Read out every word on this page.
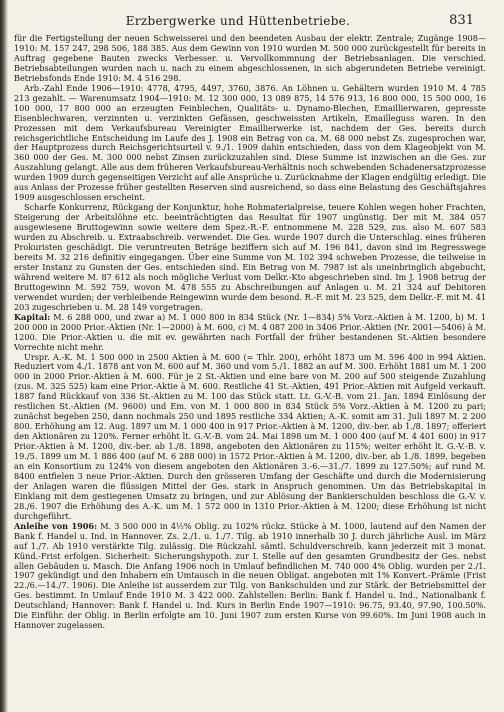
Erzbergwerke und Hüttenbetriebe.	831

für die Fertigstellung der neuen Schweisserei und den beendeten Ausbau der elektr. Zentrale; Zugänge 1908—1910: M. 157 247, 298 506, 188 385. Aus dem Gewinn von 1910 wurden M. 500 000 zurückgestellt für bereits in Auftrag gegebene Bauten zwecks Verbesser. u. Vervollkommnung der Betriebsanlagen. Die verschied. Betriebsabteilungen wurden nach u. nach zu einem abgeschlossenen, in sich abgerundeten Betriebe vereinigt. Betriebsfonds Ende 1910: M. 4 516 298.

Arb.-Zahl Ende 1906—1910: 4778, 4795, 4497, 3760, 3876. An Löhnen u. Gehältern wurden 1910 M. 4 785 213 gezahlt. — Warenumsatz 1904—1910: M. 12 300 000, 13 089 875, 14 576 913, 16 800 000, 15 500 000, 16 100 000, 17 800 000 an erzeugten Feinblechen, Qualitäts- u. Dynamo-Blechen, Emaillierwaren, gepresste Eisenblechwaren, verzinnten u. verzinkten Gefässen, geschweissten Artikeln, Emailleguss waren. In den Prozessen mit dem Verkaufsbureau Vereinigter Emaillierwerke ist, nachdem der Ges. bereits durch reichsgerichtliche Entscheidung im Laufe des J. 1908 ein Betrag von ca. M. 68 000 nebst Zs. zugesprochen war, der Hauptprozess durch Reichsgerichtsurteil v. 9./1. 1909 dahin entschieden, dass von dem Klageobjekt von M. 360 000 der Ges. M. 300 000 nebst Zinsen zurückzuzahlen sind. Diese Summe ist inzwischen an die Ges. zur Auszahlung gelangt. Alle aus dem früheren Verkaufsbureau-Verhältnis noch schwebenden Schadenersatzprozesse wurden 1909 durch gegenseitigen Verzicht auf alle Ansprüche u. Zurücknahme der Klagen endgültig erledigt. Die aus Anlass der Prozesse früher gestellten Reserven sind ausreichend, so dass eine Belastung des Geschäftsjahres 1909 ausgeschlossen erscheint.

Scharfe Konkurrenz, Rückgang der Konjunktur, hohe Rohmaterialpreise, teuere Kohlen wegen hoher Frachten, Steigerung der Arbeitslöhne etc. beeinträchtigten das Resultat für 1907 ungünstig. Der mit M. 384 057 ausgewiesene Bruttogewinn sowie weitere dem Spez.-R.-F. entnommene M. 228 529, zus. also M. 607 583 wurden zu Abschreib. u. Extraabschreib. verwendet. Die Ges. wurde 1907 durch die Unterschlag. eines früheren Prokuristen geschädigt. Die veruntreuten Beträge beziffern sich auf M. 196 841, davon sind im Regresswege bereits M. 32 216 definitiv eingegangen. Über eine Summe von M. 102 394 schweben Prozesse, die teilweise in erster Instanz zu Gunsten der Ges. entschieden sind. Ein Betrag von M. 7987 ist als uneinbringlich abgebucht, während weitere M. 87 612 als noch mögliche Verlust vom Delkr.-Kto abgeschrieben sind. Im J. 1908 betrug der Bruttogewinn M. 592 759, wovon M. 478 555 zu Abschreibungen auf Anlagen u. M. 21 324 auf Debitoren verwendet wurden; der verbleibende Reingewinn wurde dem besond. R.-F. mit M. 23 525, dem Delkr.-F. mit M. 41 203 zugeschrieben u. M. 28 149 vorgetragen.

Kapital: M. 6 288 000, und zwar a) M. 1 000 800 in 834 Stück (Nr. 1—834) 5% Vorz.-Aktien à M. 1200, b) M. 1 200 000 in 2000 Prior.-Aktien (Nr. 1—2000) à M. 600, c) M. 4 087 200 in 3406 Prior.-Aktien (Nr. 2001—5406) à M. 1200. Die Prior.-Aktien u. die mit ev. gewährten nach Fortfall der früher bestandenen St.-Aktien besondere Vorrechte nicht mehr.

Urspr. A.-K. M. 1 500 000 in 2500 Aktien à M. 600 (= Thlr. 200), erhöht 1873 um M. 596 400 in 994 Aktien. Reduziert vom 4./1. 1878 ant von M. 600 auf M. 360 und vom 5./1. 1882 an auf M. 300. Erhöht 1881 um M. 1 200 000 in 2000 Prior.-Aktien à M. 600. Für je 2 St.-Aktien und eine bare von M. 200 auf 500 steigende Zuzahlung (zus. M. 325 525) kam eine Prior.-Aktie à M. 600. Restliche 41 St.-Aktien, 491 Prior.-Aktien mit Aufgeld verkauft. 1887 fand Rückkauf von 336 St.-Aktien zu M. 100 das Stück statt. Lt. G.-V.-B. vom 21. Jan. 1894 Einlösung der restlichen St.-Aktien (M. 9600) und Em. von M. 1 000 800 in 834 Stück 5% Vorz.-Aktien à M. 1200 zu pari; zunächst begeben 250, dann nochmals 250 und 1895 restliche 334 Aktien; A.-K. somit am 31. Juli 1897 M. 2 200 800. Erhöhung am 12. Aug. 1897 um M. 1 000 400 in 917 Prior.-Aktien à M. 1200, div.-ber. ab 1./8. 1897; offeriert den Aktionären zu 120%. Ferner erhöht lt. G.-V.-B. vom 24. Mai 1898 um M. 1 000 400 (auf M. 4 401 600) in 917 Prior.-Aktien à M. 1200, div.-ber. ab 1./8. 1898, angeboten den Aktionären zu 115%; weiter erhöht lt. G.-V.-B. v. 19./5. 1899 um M. 1 886 400 (auf M. 6 288 000) in 1572 Prior.-Aktien à M. 1200, div.-ber. ab 1./8. 1899, begeben an ein Konsortium zu 124% von diesem angeboten den Aktionären 3.-6.—31./7. 1899 zu 127.50%; auf rund M. 8400 entfielen 3 neue Prior.-Aktien. Durch den grösseren Umfang der Geschäfte und durch die Modernisierung der Anlagen waren die flüssigen Mittel der Ges. stark in Anspruch genommen. Um das Betriebskapital in Einklang mit dem gestiegenen Umsatz zu bringen, und zur Ablösung der Bankierschulden beschloss die G.-V. v. 28./6. 1907 die Erhöhung des A.-K. um M. 1 572 000 in 1310 Prior.-Aktien à M. 1200; diese Erhöhung ist nicht durchgeführt.

Anleihe von 1906: M. 3 500 000 in 4½% Oblig. zu 102% rückz. Stücke à M. 1000, lautend auf den Namen der Bank f. Handel u. Ind. in Hannover. Zs. 2./1. u. 1./7. Tilg. ab 1910 innerhalb 30 J. durch jährliche Ausl. im März auf 1./7. Ab 1910 verstärkte Tilg. zulässig. Die Rückzahl. sämtl. Schuldverschreib. kann jederzeit mit 3 monat. Künd.-Frist erfolgen. Sicherheit: Sicherungshypoth. zur I. Stelle auf den gesamten Grundbesitz der Ges. nebst allen Gebäuden u. Masch. Die Anfang 1906 noch in Umlauf befindlichen M. 740 000 4% Oblig. wurden per 2./1. 1907 gekündigt und den Inhabern ein Umtausch in die neuen Obligat. angeboten mit 1% Konvert.-Prämie (Frist 22./6.—14./7. 1906). Die Anleihe ist ausserdem zur Tilg. von Bankschulden und zur Stärk. der Betriebsmittel der Ges. bestimmt. In Umlauf Ende 1910 M. 3 422 000. Zahlstellen: Berlin: Bank f. Handel u. Ind., Nationalbank f. Deutschland; Hannover: Bank f. Handel u. Ind. Kurs in Berlin Ende 1907—1910: 96.75, 93.40, 97.90, 100.50%. Die Einführ. der Oblig. in Berlin erfolgte am 10. Juni 1907 zum ersten Kurse von 99.60%. Im Juni 1908 auch in Hannover zugelassen.
